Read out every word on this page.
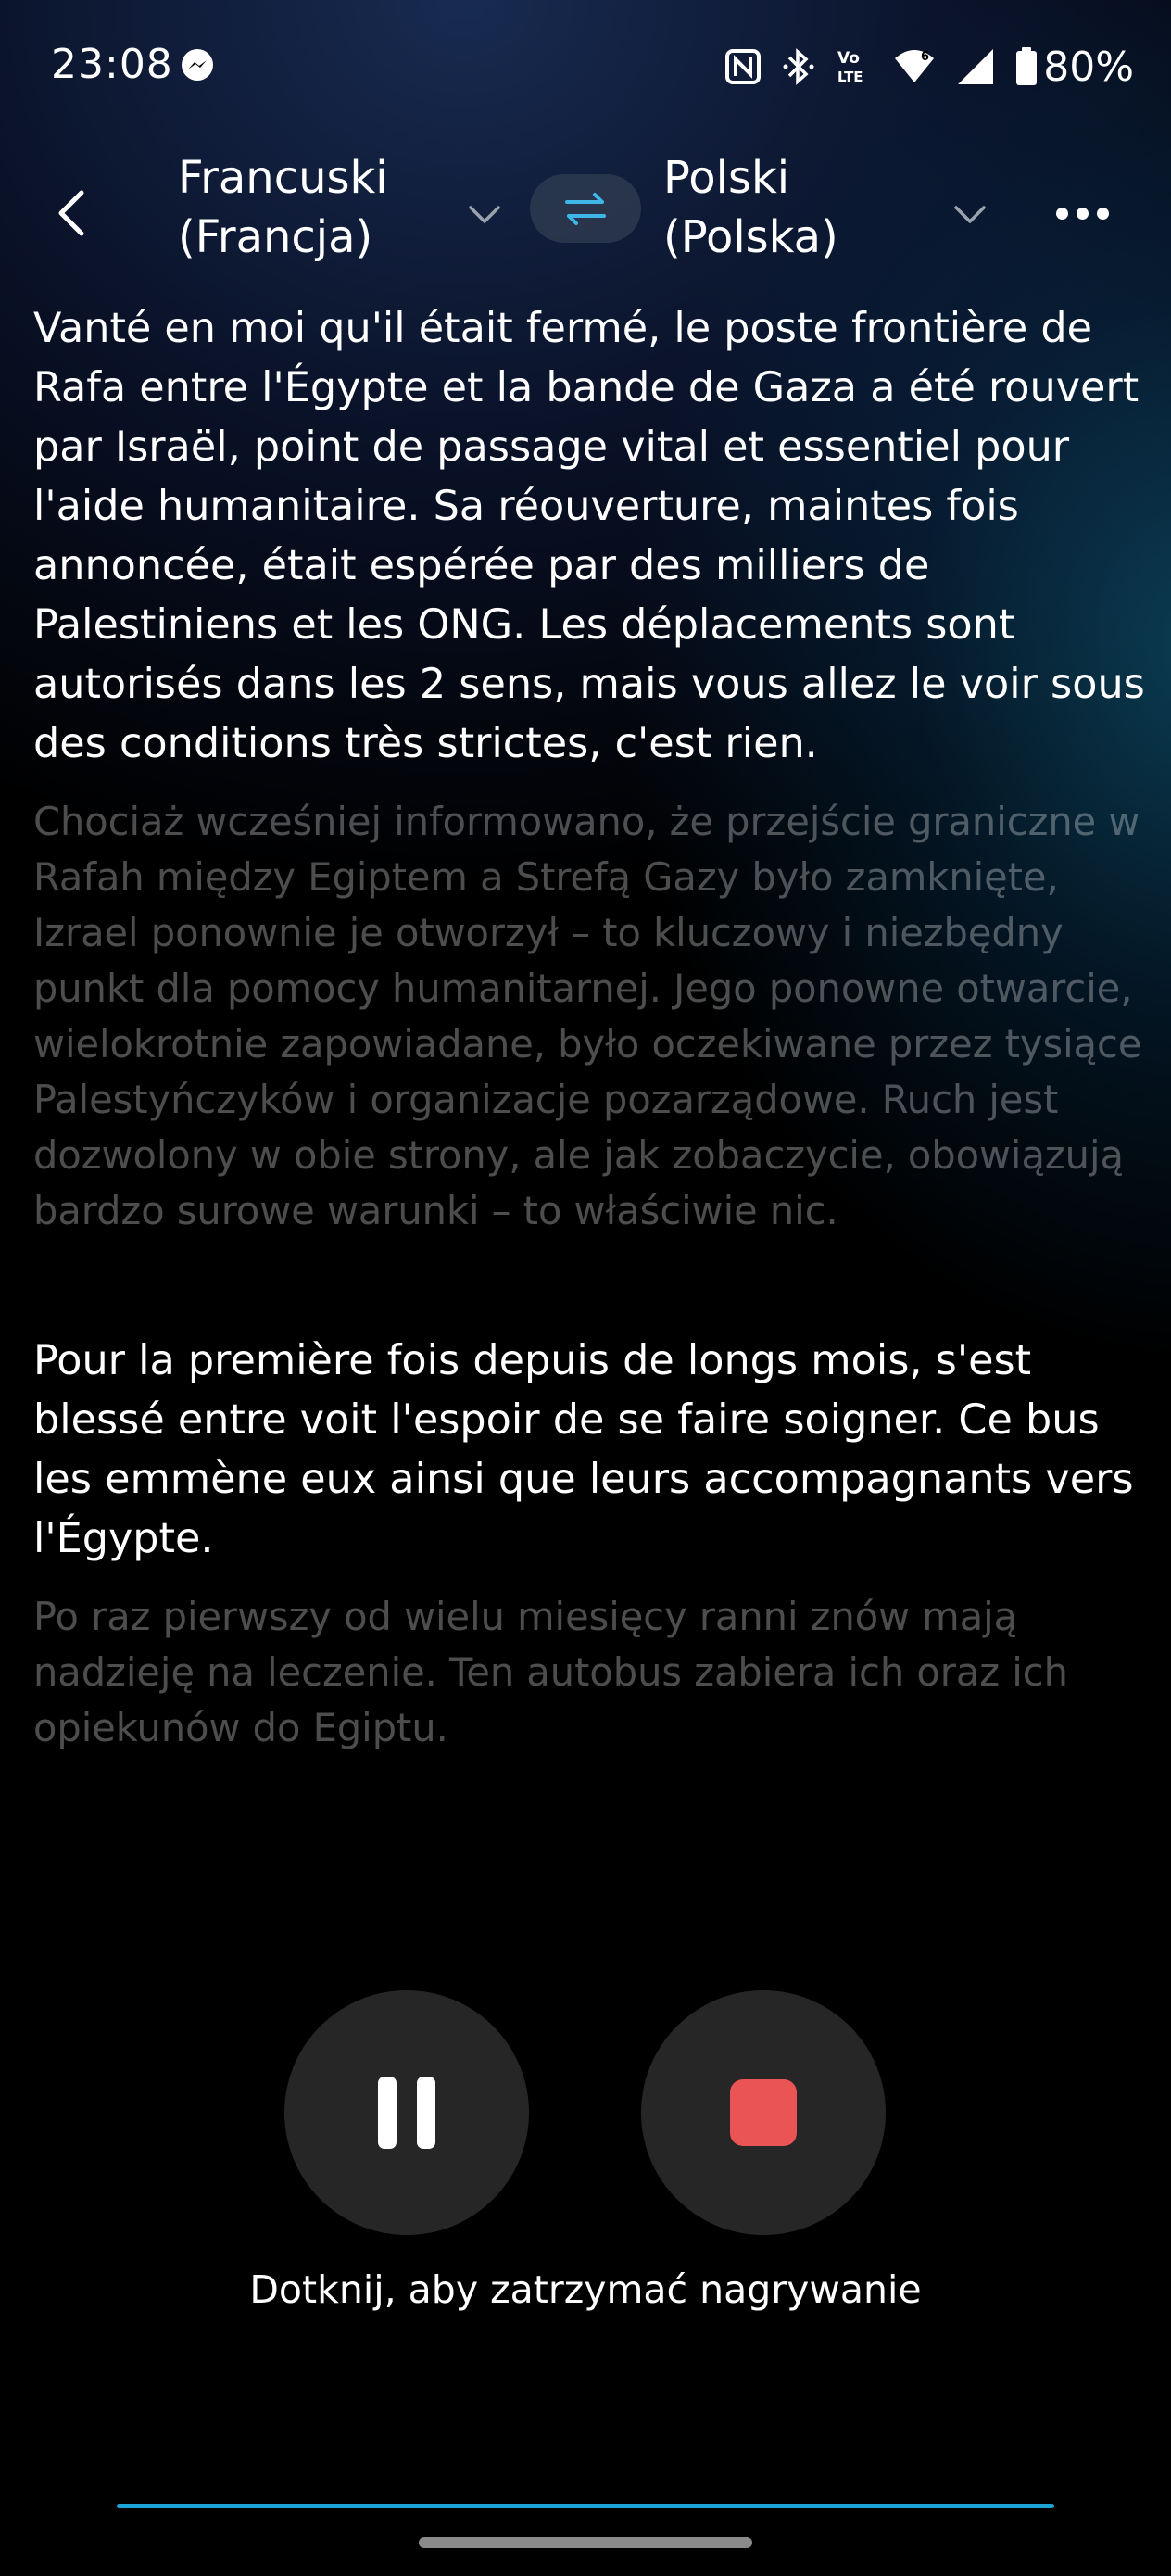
23:08	Vo
LTE
6	80%
Francuski
(Francja)
Polski
(Polska)

Vanté en moi qu'il était fermé, le poste frontière de Rafa entre l'Égypte et la bande de Gaza a été rouvert par Israël, point de passage vital et essentiel pour l'aide humanitaire. Sa réouverture, maintes fois annoncée, était espérée par des milliers de Palestiniens et les ONG. Les déplacements sont autorisés dans les 2 sens, mais vous allez le voir sous des conditions très strictes, c'est rien.

Chociaż wcześniej informowano, że przejście graniczne w Rafah między Egiptem a Strefą Gazy było zamknięte, Izrael ponownie je otworzył – to kluczowy i niezbędny punkt dla pomocy humanitarnej. Jego ponowne otwarcie, wielokrotnie zapowiadane, było oczekiwane przez tysiące Palestyńczyków i organizacje pozarządowe. Ruch jest dozwolony w obie strony, ale jak zobaczycie, obowiązują bardzo surowe warunki – to właściwie nic.

Pour la première fois depuis de longs mois, s'est blessé entre voit l'espoir de se faire soigner. Ce bus les emmène eux ainsi que leurs accompagnants vers l'Égypte.

Po raz pierwszy od wielu miesięcy ranni znów mają nadzieję na leczenie. Ten autobus zabiera ich oraz ich opiekunów do Egiptu.

Dotknij, aby zatrzymać nagrywanie
